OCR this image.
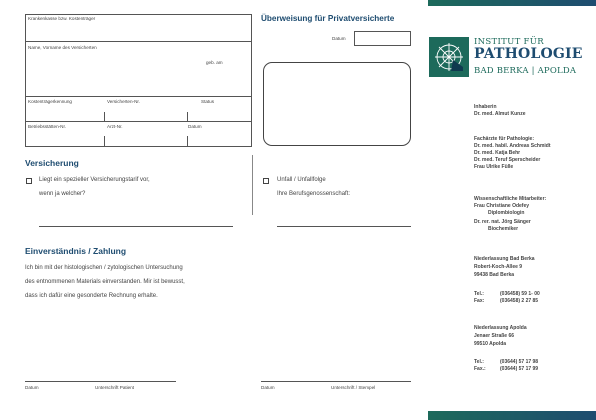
Krankenkasse bzw. Kostenträger
Name, Vorname des Versicherten
geb. am
Kostenträgerkennung	Versicherten-Nr.	Status
Betriebsstätten-Nr.	Arzt-Nr.	Datum
Versicherung
Liegt ein spezieller Versicherungstarif vor,
wenn ja welcher?
Einverständnis / Zahlung
Ich bin mit der histologischen / zytologischen Untersuchung
des entnommenen Materials einverstanden. Mir ist bewusst,
dass ich dafür eine gesonderte Rechnung erhalte.
Datum	Unterschrift Patient
Überweisung für Privatversicherte
Datum
Unfall / Unfallfolge
Ihre Berufsgenossenschaft:
Datum	Unterschrift / Stempel
INSTITUT FÜR
PATHOLOGIE
BAD BERKA | APOLDA
Inhaberin
Dr. med. Almut Kunze
Fachärzte für Pathologie:
Dr. med. habil. Andreas Schmidt
Dr. med. Katja Behr
Dr. med. Teruf Sperscheider
Frau Ulrike Fülle
Wissenschaftliche Mitarbeiter:
Frau Christiane Odefey
Diplombiologin
Dr. rer. nat. Jörg Sänger
Biochemiker
Niederlassung Bad Berka
Robert-Koch-Allee 9
99438 Bad Berka
Tel.:	(036458) 59 1- 00
Fax:	(036458) 2 27 85
Niederlassung Apolda
Jenaer Straße 66
99510 Apolda
Tel.:	(03644) 57 17 98
Fax.:	(03644) 57 17 99
